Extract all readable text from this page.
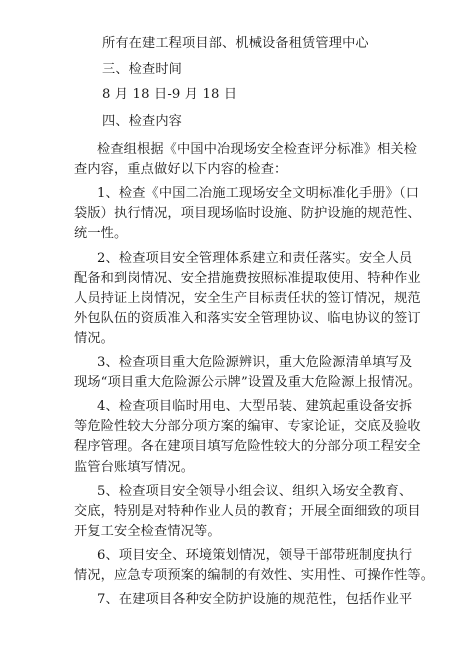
所有在建工程项目部、机械设备租赁管理中心
三、检查时间
8 月 18 日-9 月 18 日
四、检查内容
检查组根据《中国中冶现场安全检查评分标准》相关检
查内容，重点做好以下内容的检查：
1、检查《中国二冶施工现场安全文明标准化手册》（口
袋版）执行情况，项目现场临时设施、防护设施的规范性、
统一性。
2、检查项目安全管理体系建立和责任落实。安全人员
配备和到岗情况、安全措施费按照标准提取使用、特种作业
人员持证上岗情况，安全生产目标责任状的签订情况，规范
外包队伍的资质准入和落实安全管理协议、临电协议的签订
情况。
3、检查项目重大危险源辨识，重大危险源清单填写及
现场“项目重大危险源公示牌”设置及重大危险源上报情况。
4、检查项目临时用电、大型吊装、建筑起重设备安拆
等危险性较大分部分项方案的编审、专家论证，交底及验收
程序管理。各在建项目填写危险性较大的分部分项工程安全
监管台账填写情况。
5、检查项目安全领导小组会议、组织入场安全教育、
交底，特别是对特种作业人员的教育；开展全面细致的项目
开复工安全检查情况等。
6、项目安全、环境策划情况，领导干部带班制度执行
情况，应急专项预案的编制的有效性、实用性、可操作性等。
7、在建项目各种安全防护设施的规范性，包括作业平
